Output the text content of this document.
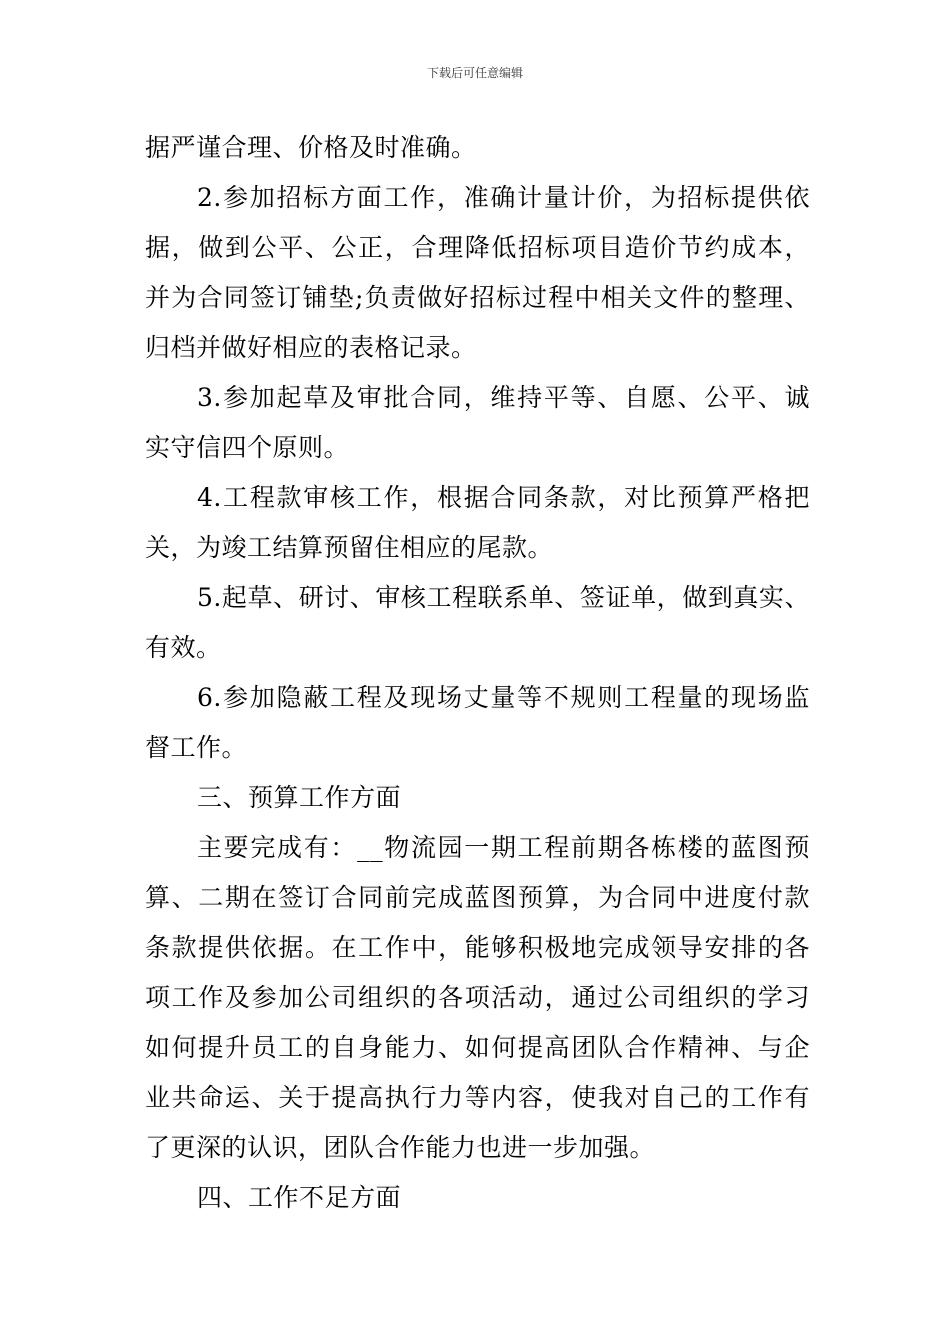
下载后可任意编辑
据严谨合理、价格及时准确。
2.参加招标方面工作，准确计量计价，为招标提供依
据，做到公平、公正，合理降低招标项目造价节约成本，
并为合同签订铺垫;负责做好招标过程中相关文件的整理、
归档并做好相应的表格记录。
3.参加起草及审批合同，维持平等、自愿、公平、诚
实守信四个原则。
4.工程款审核工作，根据合同条款，对比预算严格把
关，为竣工结算预留住相应的尾款。
5.起草、研讨、审核工程联系单、签证单，做到真实、
有效。
6.参加隐蔽工程及现场丈量等不规则工程量的现场监
督工作。
三、预算工作方面
主要完成有：__物流园一期工程前期各栋楼的蓝图预
算、二期在签订合同前完成蓝图预算，为合同中进度付款
条款提供依据。在工作中，能够积极地完成领导安排的各
项工作及参加公司组织的各项活动，通过公司组织的学习
如何提升员工的自身能力、如何提高团队合作精神、与企
业共命运、关于提高执行力等内容，使我对自己的工作有
了更深的认识，团队合作能力也进一步加强。
四、工作不足方面
